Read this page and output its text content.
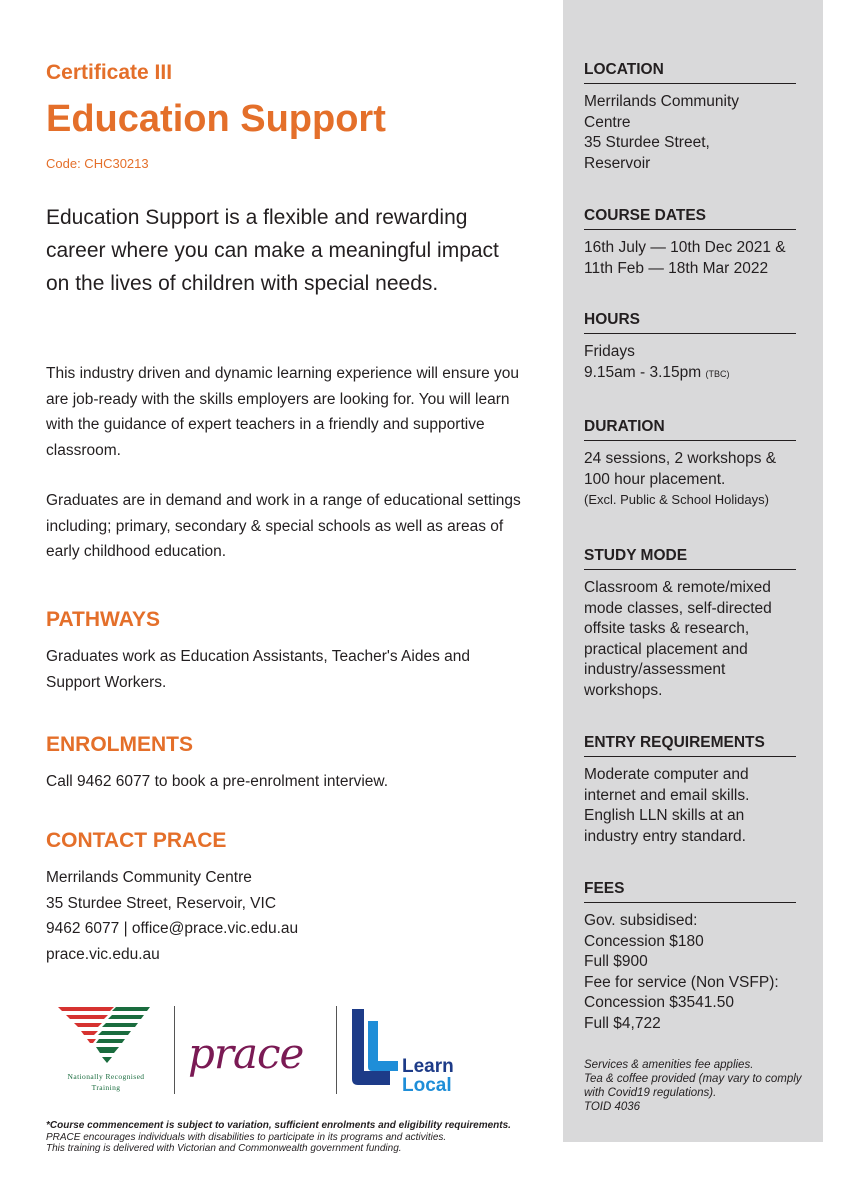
Certificate III
Education Support
Code: CHC30213

Education Support is a flexible and rewarding career where you can make a meaningful impact on the lives of children with special needs.

This industry driven and dynamic learning experience will ensure you are job-ready with the skills employers are looking for. You will learn with the guidance of expert teachers in a friendly and supportive classroom.

Graduates are in demand and work in a range of educational settings including; primary, secondary & special schools as well as areas of early childhood education.

PATHWAYS

Graduates work as Education Assistants, Teacher's Aides and Support Workers.

ENROLMENTS

Call 9462 6077 to book a pre-enrolment interview.

CONTACT PRACE
Merrilands Community Centre
35 Sturdee Street, Reservoir, VIC
9462 6077 | office@prace.vic.edu.au
prace.vic.edu.au
Nationally Recognised
Training
prace	Learn
Local
*Course commencement is subject to variation, sufficient enrolments and eligibility requirements.
PRACE encourages individuals with disabilities to participate in its programs and activities.
This training is delivered with Victorian and Commonwealth government funding.
LOCATION
Merrilands Community
Centre
35 Sturdee Street,
Reservoir
COURSE DATES
16th July — 10th Dec 2021 &
11th Feb — 18th Mar 2022
HOURS
Fridays
9.15am - 3.15pm (TBC)
DURATION
24 sessions, 2 workshops &
100 hour placement.
(Excl. Public & School Holidays)
STUDY MODE
Classroom & remote/mixed
mode classes, self-directed
offsite tasks & research,
practical placement and
industry/assessment
workshops.
ENTRY REQUIREMENTS
Moderate computer and
internet and email skills.
English LLN skills at an
industry entry standard.
FEES
Gov. subsidised:
Concession $180
Full $900
Fee for service (Non VSFP):
Concession $3541.50
Full $4,722
Services & amenities fee applies.
Tea & coffee provided (may vary to comply with Covid19 regulations).
TOID 4036
